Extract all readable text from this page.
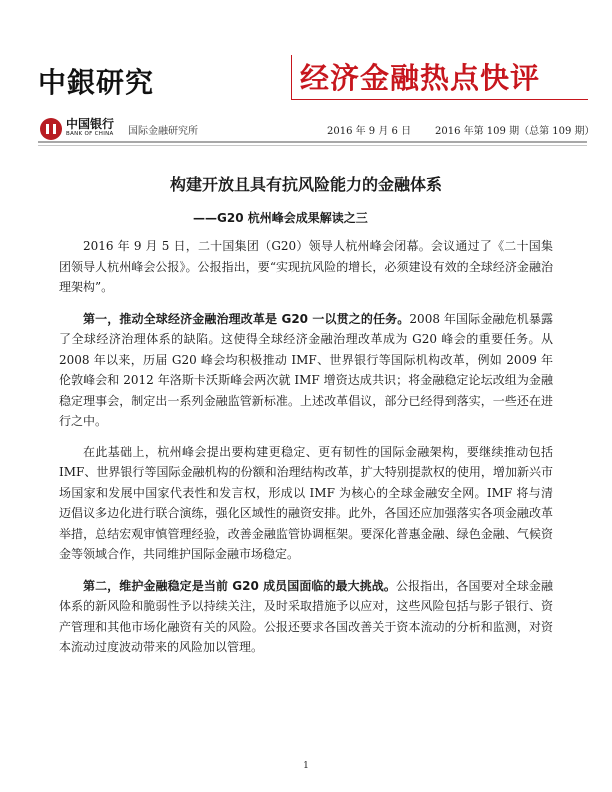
中銀研究	经济金融热点快评
中国银行
BANK OF CHINA 国际金融研究所	2016 年 9 月 6 日 2016 年第 109 期（总第 109 期）
构建开放且具有抗风险能力的金融体系
——G20 杭州峰会成果解读之三

2016 年 9 月 5 日，二十国集团（G20）领导人杭州峰会闭幕。会议通过了《二十国集团领导人杭州峰会公报》。公报指出，要“实现抗风险的增长，必须建设有效的全球经济金融治理架构”。

第一，推动全球经济金融治理改革是 G20 一以贯之的任务。2008 年国际金融危机暴露了全球经济治理体系的缺陷。这使得全球经济金融治理改革成为 G20 峰会的重要任务。从 2008 年以来，历届 G20 峰会均积极推动 IMF、世界银行等国际机构改革，例如 2009 年伦敦峰会和 2012 年洛斯卡沃斯峰会两次就 IMF 增资达成共识；将金融稳定论坛改组为金融稳定理事会，制定出一系列金融监管新标准。上述改革倡议，部分已经得到落实，一些还在进行之中。

在此基础上，杭州峰会提出要构建更稳定、更有韧性的国际金融架构，要继续推动包括 IMF、世界银行等国际金融机构的份额和治理结构改革，扩大特别提款权的使用，增加新兴市场国家和发展中国家代表性和发言权，形成以 IMF 为核心的全球金融安全网。IMF 将与清迈倡议多边化进行联合演练，强化区域性的融资安排。此外，各国还应加强落实各项金融改革举措，总结宏观审慎管理经验，改善金融监管协调框架。要深化普惠金融、绿色金融、气候资金等领域合作，共同维护国际金融市场稳定。

第二，维护金融稳定是当前 G20 成员国面临的最大挑战。公报指出，各国要对全球金融体系的新风险和脆弱性予以持续关注，及时采取措施予以应对，这些风险包括与影子银行、资产管理和其他市场化融资有关的风险。公报还要求各国改善关于资本流动的分析和监测，对资本流动过度波动带来的风险加以管理。

1
